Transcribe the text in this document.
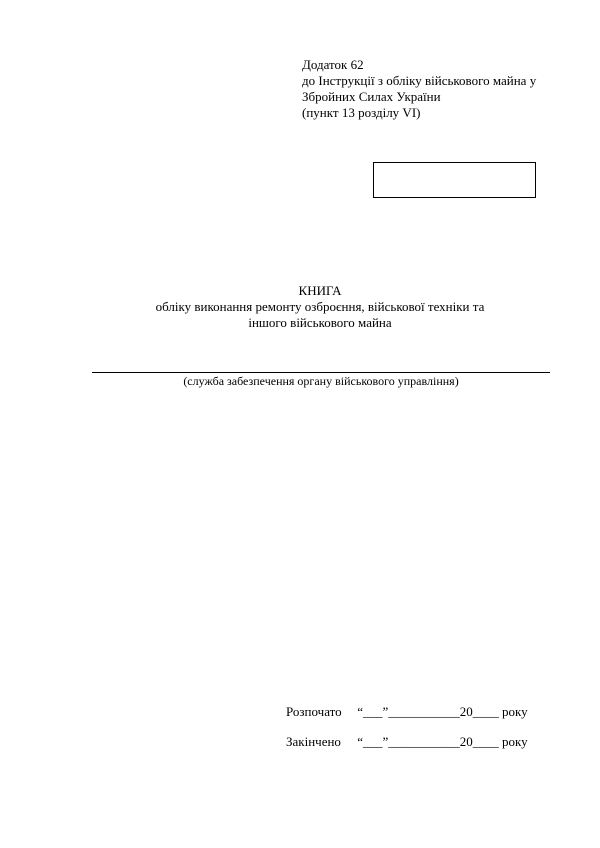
Додаток 62
до Інструкції з обліку військового майна у
Збройних Силах України
(пункт 13 розділу VI)
КНИГА
обліку виконання ремонту озброєння, військової техніки та
іншого військового майна
(служба забезпечення органу військового управління)
Розпочато “___”___________20____ року
Закінчено “___”___________20____ року
